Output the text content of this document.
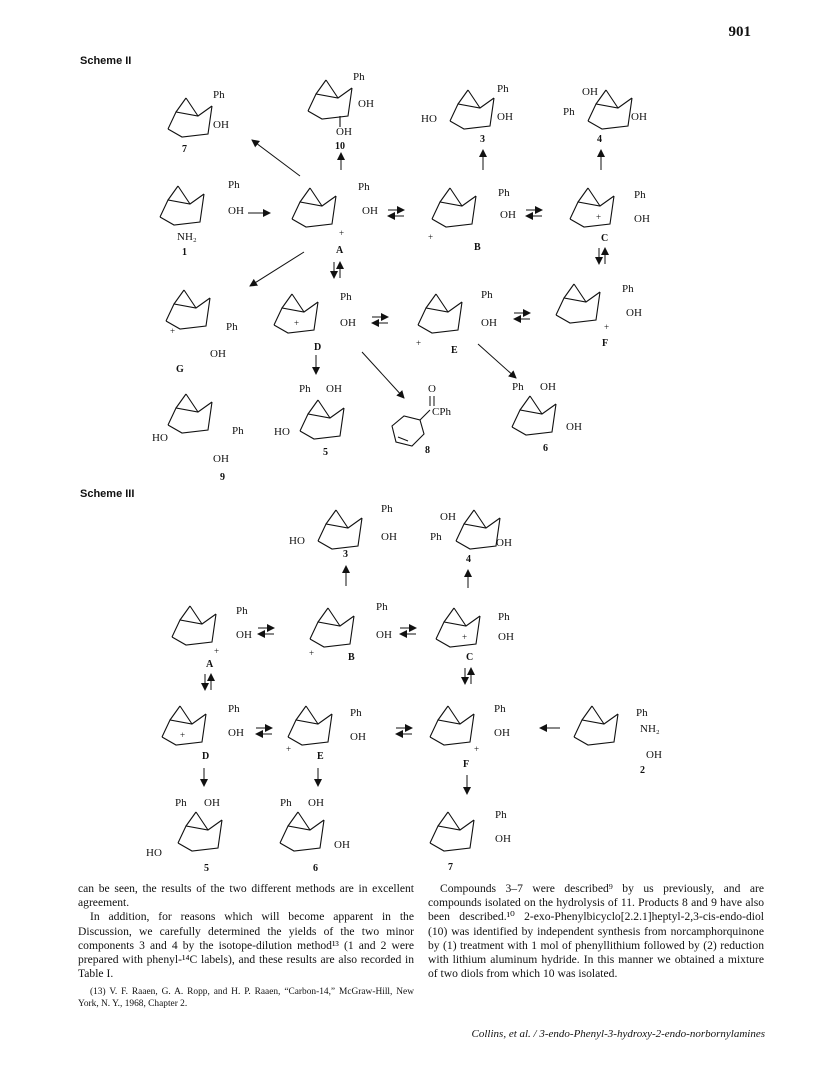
901
Scheme II
Scheme III
Ph
OH
7
Ph
OH
OH
10
Ph
OH
HO
3
OH
Ph	OH
4
Ph
OH
NH₂
1
Ph
OH
+
A
Ph
OH
+
B
Ph
OH
+
C
Ph
OH
+
G
Ph
OH
+
D
Ph
OH
+
E
Ph
OH
+
F
Ph
OH
HO
9
Ph OH
HO
5
O
CPh
8
Ph OH
OH
6
Ph
OH
HO
3
OH
Ph	OH
4
Ph
OH
+
A
Ph
OH
+	B
Ph
OH
+
C
Ph
OH
+
D
Ph
OH
+
E
Ph
OH
+
F
Ph
NH₂
OH
2
Ph OH
HO
5
Ph OH
OH
6
Ph
OH
7

can be seen, the results of the two different methods are in excellent agreement.

In addition, for reasons which will become apparent in the Discussion, we carefully determined the yields of the two minor components 3 and 4 by the isotope-dilution method¹³ (1 and 2 were prepared with phenyl-¹⁴C labels), and these results are also recorded in Table I.

(13) V. F. Raaen, G. A. Ropp, and H. P. Raaen, “Carbon-14,” McGraw-Hill, New York, N. Y., 1968, Chapter 2.

Compounds 3–7 were described⁹ by us previously, and are compounds isolated on the hydrolysis of 11. Products 8 and 9 have also been described.¹⁰ 2-exo-Phenylbicyclo[2.2.1]heptyl-2,3-cis-endo-diol (10) was identified by independent synthesis from norcamphorquinone by (1) treatment with 1 mol of phenyllithium followed by (2) reduction with lithium aluminum hydride. In this manner we obtained a mixture of two diols from which 10 was isolated.

Collins, et al. / 3-endo-Phenyl-3-hydroxy-2-endo-norbornylamines
